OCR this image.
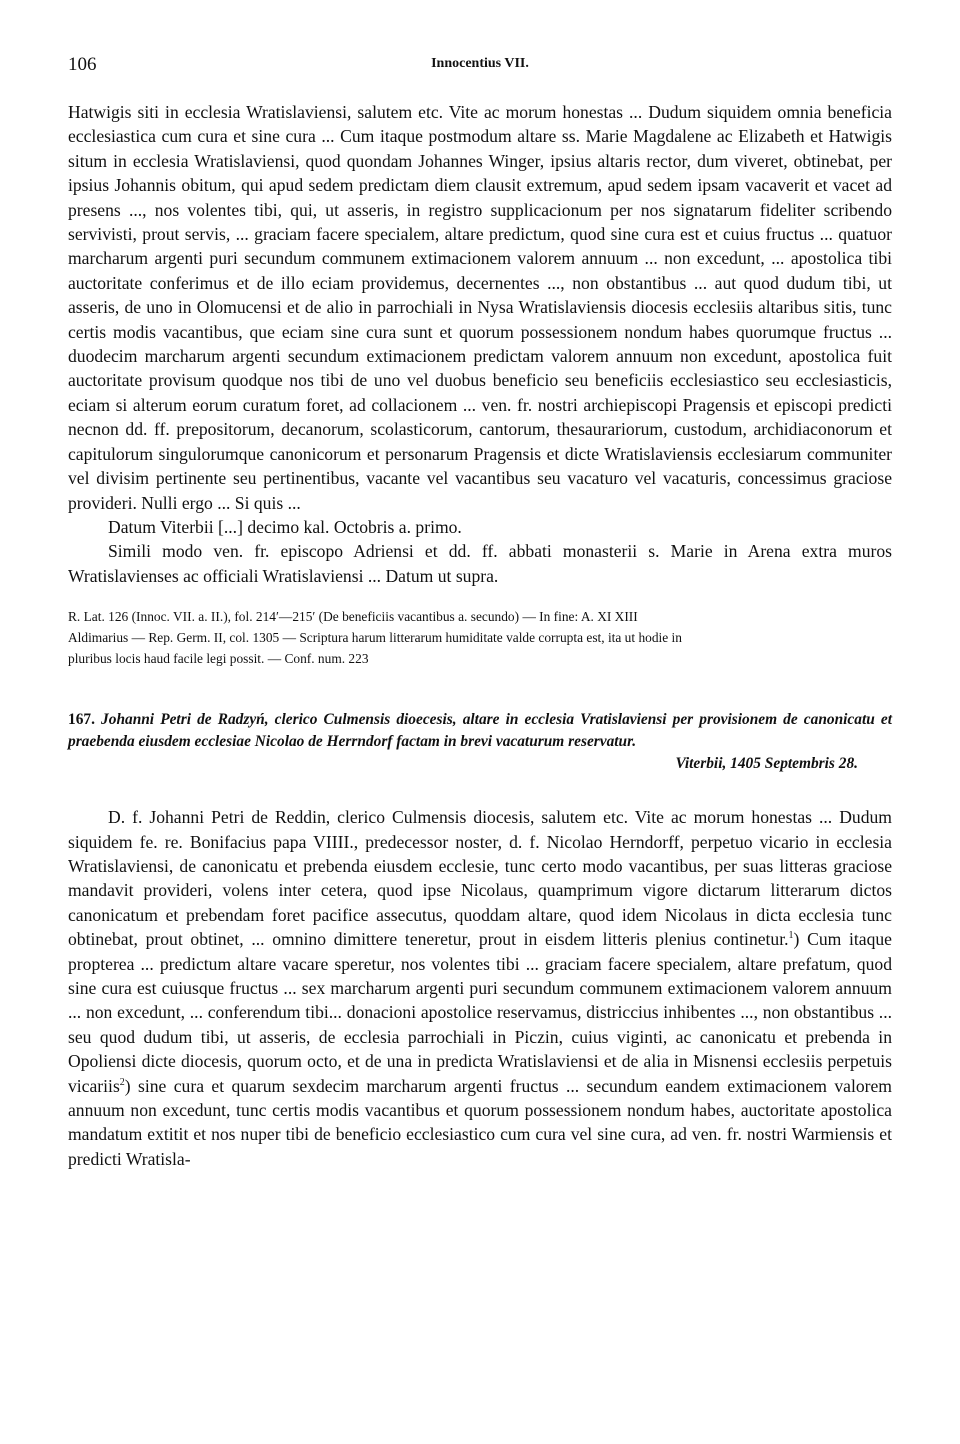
106	Innocentius VII.

Hatwigis siti in ecclesia Wratislaviensi, salutem etc. Vite ac morum honestas ... Dudum siquidem omnia beneficia ecclesiastica cum cura et sine cura ... Cum itaque postmodum altare ss. Marie Magdalene ac Elizabeth et Hatwigis situm in ecclesia Wratislaviensi, quod quondam Johannes Winger, ipsius altaris rector, dum viveret, obtinebat, per ipsius Johannis obitum, qui apud sedem predictam diem clausit extremum, apud sedem ipsam vacaverit et vacet ad presens ..., nos volentes tibi, qui, ut asseris, in registro supplicacionum per nos signatarum fideliter scribendo servivisti, prout servis, ... graciam facere specialem, altare predictum, quod sine cura est et cuius fructus ... quatuor marcharum argenti puri secundum communem extimacionem valorem annuum ... non excedunt, ... apostolica tibi auctoritate conferimus et de illo eciam providemus, decernentes ..., non obstantibus ... aut quod dudum tibi, ut asseris, de uno in Olomucensi et de alio in parrochiali in Nysa Wratislaviensis diocesis ecclesiis altaribus sitis, tunc certis modis vacantibus, que eciam sine cura sunt et quorum possessionem nondum habes quorumque fructus ... duodecim marcharum argenti secundum extimacionem predictam valorem annuum non excedunt, apostolica fuit auctoritate provisum quodque nos tibi de uno vel duobus beneficio seu beneficiis ecclesiastico seu ecclesiasticis, eciam si alterum eorum curatum foret, ad collacionem ... ven. fr. nostri archiepiscopi Pragensis et episcopi predicti necnon dd. ff. prepositorum, decanorum, scolasticorum, cantorum, thesaurariorum, custodum, archidiaconorum et capitulorum singulorumque canonicorum et personarum Pragensis et dicte Wratislaviensis ecclesiarum communiter vel divisim pertinente seu pertinentibus, vacante vel vacantibus seu vacaturo vel vacaturis, concessimus graciose provideri. Nulli ergo ... Si quis ...

Datum Viterbii [...] decimo kal. Octobris a. primo.

Simili modo ven. fr. episcopo Adriensi et dd. ff. abbati monasterii s. Marie in Arena extra muros Wratislavienses ac officiali Wratislaviensi ... Datum ut supra.

R. Lat. 126 (Innoc. VII. a. II.), fol. 214′—215′ (De beneficiis vacantibus a. secundo) — In fine: A. XI XIII
Aldimarius — Rep. Germ. II, col. 1305 — Scriptura harum litterarum humiditate valde corrupta est, ita ut hodie in
pluribus locis haud facile legi possit. — Conf. num. 223

167. Johanni Petri de Radzyń, clerico Culmensis dioecesis, altare in ecclesia Vratislaviensi per provisionem de canonicatu et praebenda eiusdem ecclesiae Nicolao de Herrndorf factam in brevi vacaturum reservatur.

Viterbii, 1405 Septembris 28.

D. f. Johanni Petri de Reddin, clerico Culmensis diocesis, salutem etc. Vite ac morum honestas ... Dudum siquidem fe. re. Bonifacius papa VIIII., predecessor noster, d. f. Nicolao Herndorff, perpetuo vicario in ecclesia Wratislaviensi, de canonicatu et prebenda eiusdem ecclesie, tunc certo modo vacantibus, per suas litteras graciose mandavit provideri, volens inter cetera, quod ipse Nicolaus, quamprimum vigore dictarum litterarum dictos canonicatum et prebendam foret pacifice assecutus, quoddam altare, quod idem Nicolaus in dicta ecclesia tunc obtinebat, prout obtinet, ... omnino dimittere teneretur, prout in eisdem litteris plenius continetur.$^1$) Cum itaque propterea ... predictum altare vacare speretur, nos volentes tibi ... graciam facere specialem, altare prefatum, quod sine cura est cuiusque fructus ... sex marcharum argenti puri secundum communem extimacionem valorem annuum ... non excedunt, ... conferendum tibi... donacioni apostolice reservamus, districcius inhibentes ..., non obstantibus ... seu quod dudum tibi, ut asseris, de ecclesia parrochiali in Piczin, cuius viginti, ac canonicatu et prebenda in Opoliensi dicte diocesis, quorum octo, et de una in predicta Wratislaviensi et de alia in Misnensi ecclesiis perpetuis vicariis$^2$) sine cura et quarum sexdecim marcharum argenti fructus ... secundum eandem extimacionem valorem annuum non excedunt, tunc certis modis vacantibus et quorum possessionem nondum habes, auctoritate apostolica mandatum extitit et nos nuper tibi de beneficio ecclesiastico cum cura vel sine cura, ad ven. fr. nostri Warmiensis et predicti Wratisla-
